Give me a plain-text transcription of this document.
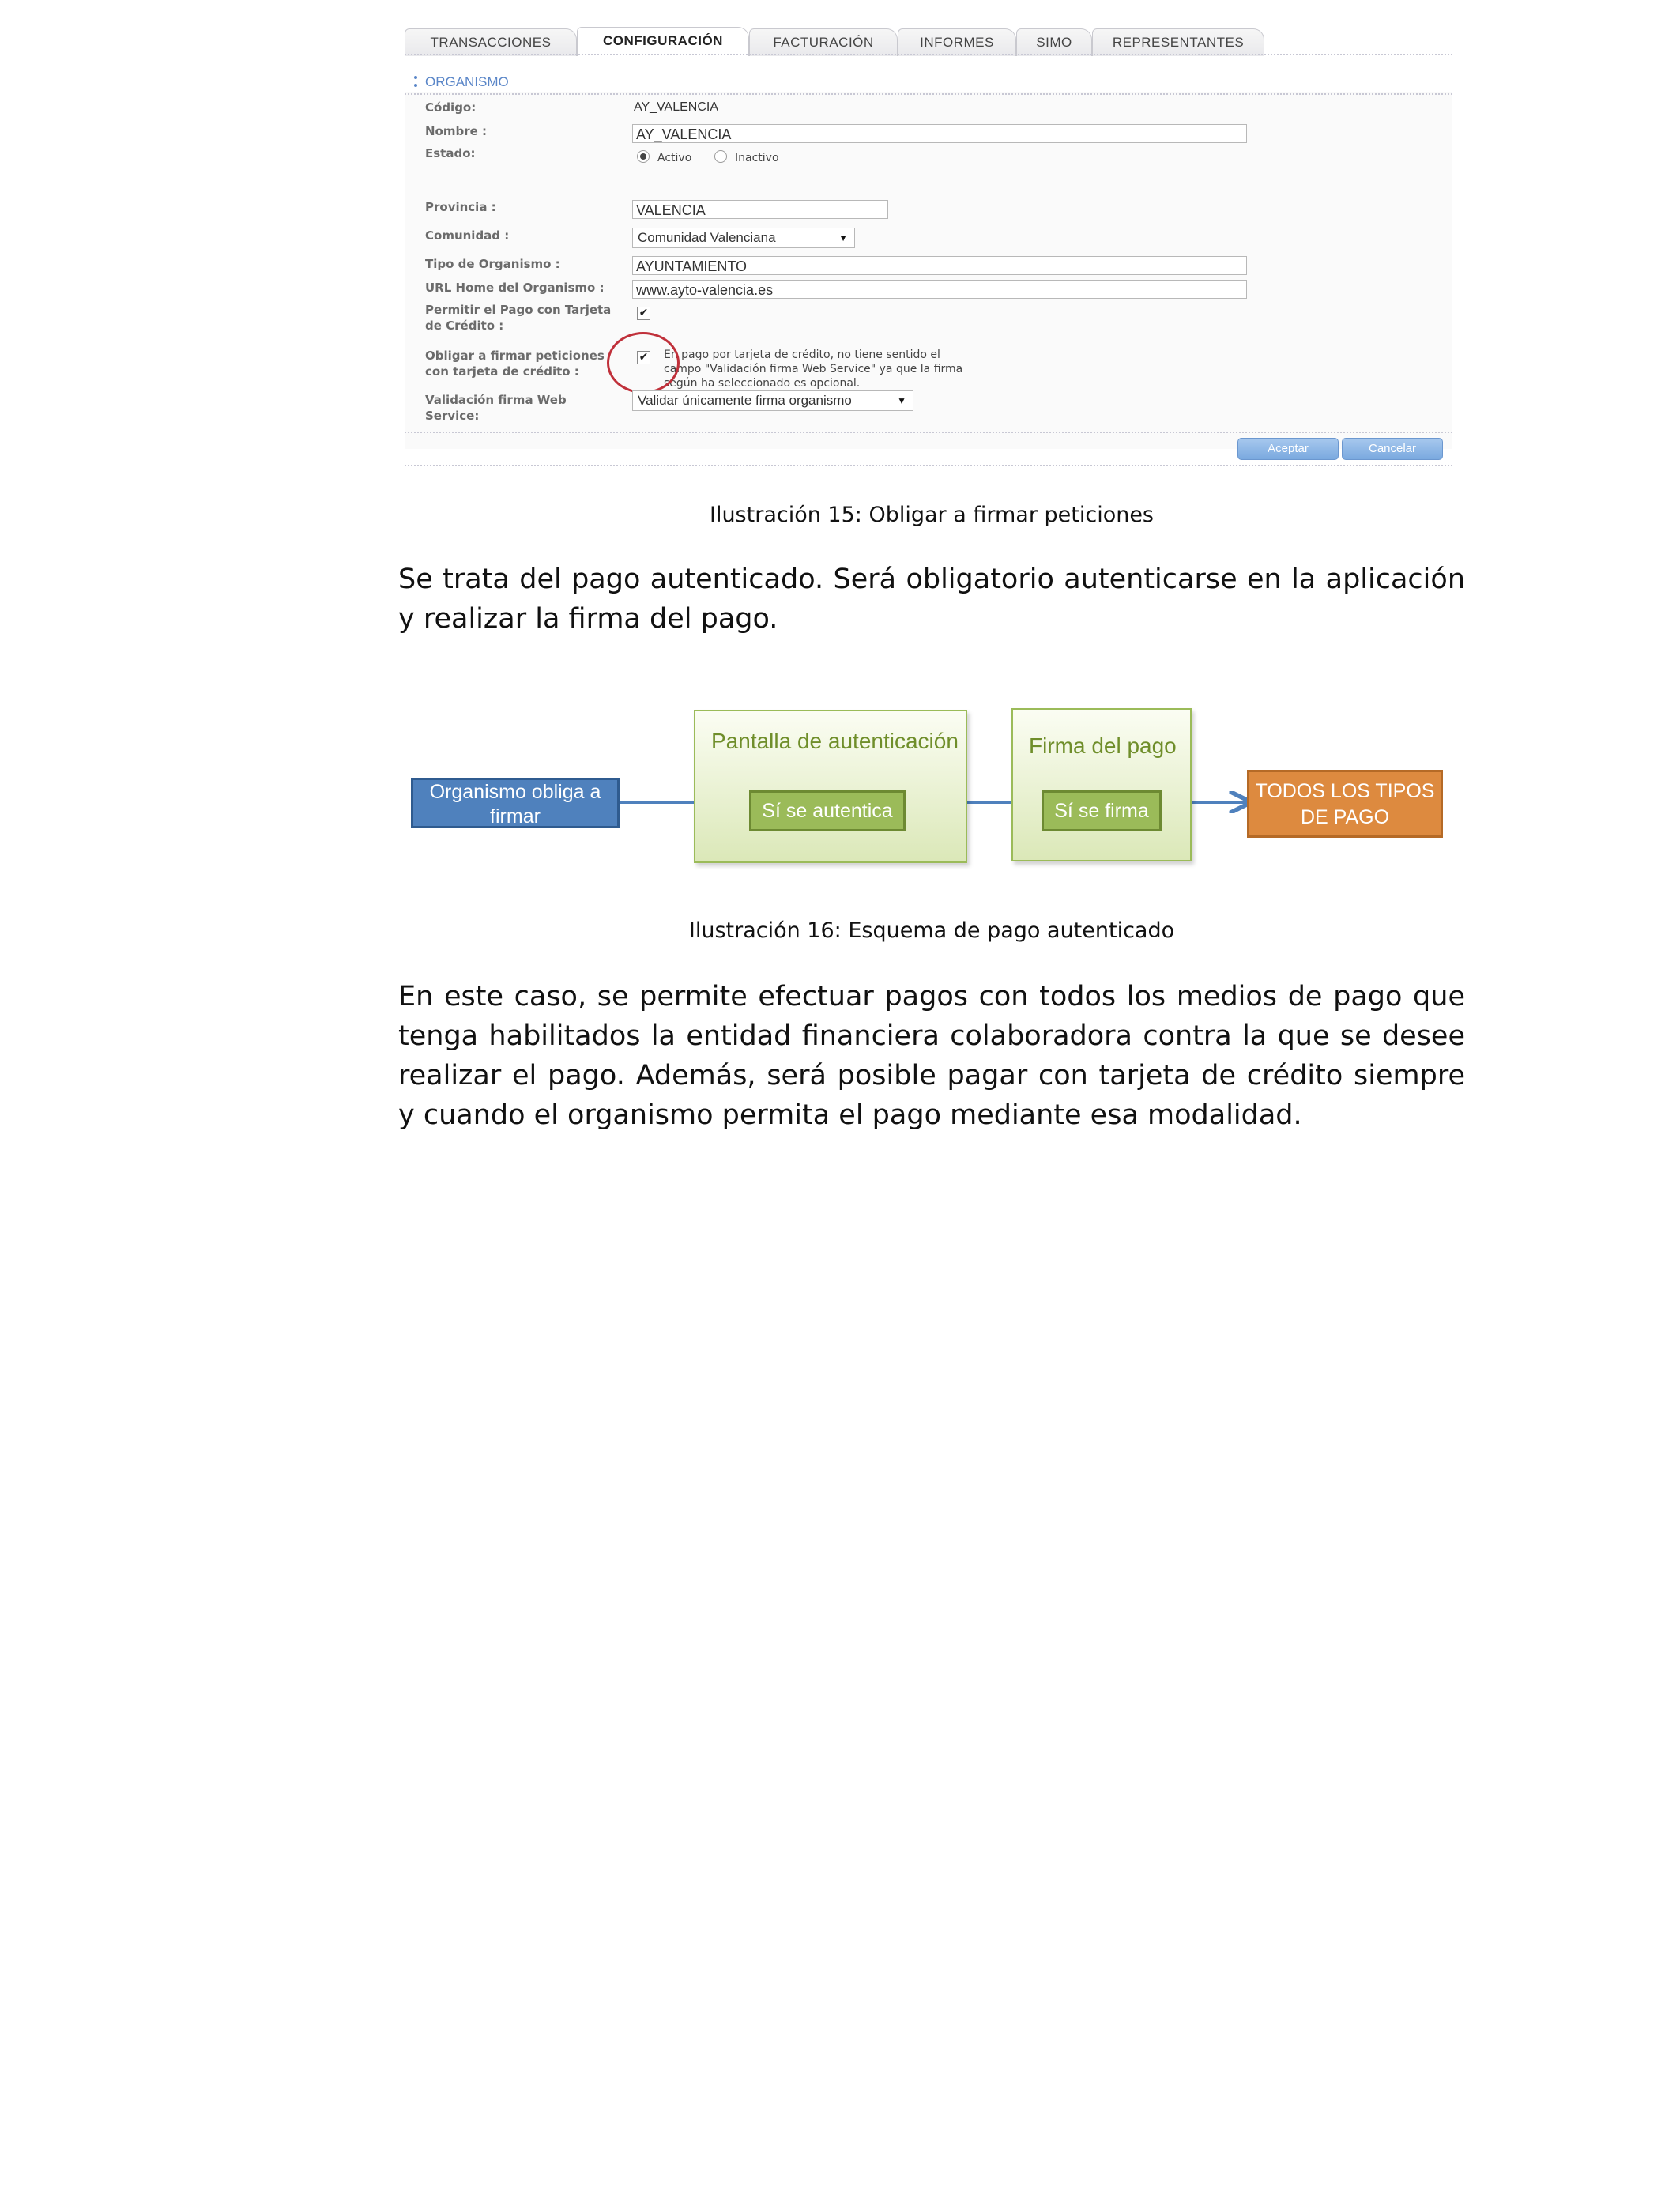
TRANSACCIONES	CONFIGURACIÓN	FACTURACIÓN	INFORMES	SIMO	REPRESENTANTES
ORGANISMO
Código:	AY_VALENCIA
Nombre :	AY_VALENCIA
Estado:	Activo	Inactivo
Provincia :	VALENCIA
Comunidad :	Comunidad Valenciana	▼
Tipo de Organismo :	AYUNTAMIENTO
URL Home del Organismo : www.ayto-valencia.es
Permitir el Pago con Tarjeta
de Crédito :
✔
Obligar a firmar peticiones
con tarjeta de crédito :
✔ En pago por tarjeta de crédito, no tiene sentido el
campo "Validación firma Web Service" ya que la firma
según ha seleccionado es opcional.
Validación firma Web
Service:
Validar únicamente firma organismo	▼
Aceptar	Cancelar
Ilustración 15: Obligar a firmar peticiones
Se trata del pago autenticado. Será obligatorio autenticarse en la aplicación y realizar la firma del pago.
Organismo obliga a
firmar
Pantalla de autenticación
Sí se autentica
Firma del pago
Sí se firma
TODOS LOS TIPOS
DE PAGO
Ilustración 16: Esquema de pago autenticado
En este caso, se permite efectuar pagos con todos los medios de pago que tenga habilitados la entidad financiera colaboradora contra la que se desee realizar el pago. Además, será posible pagar con tarjeta de crédito siempre y cuando el organismo permita el pago mediante esa modalidad.
